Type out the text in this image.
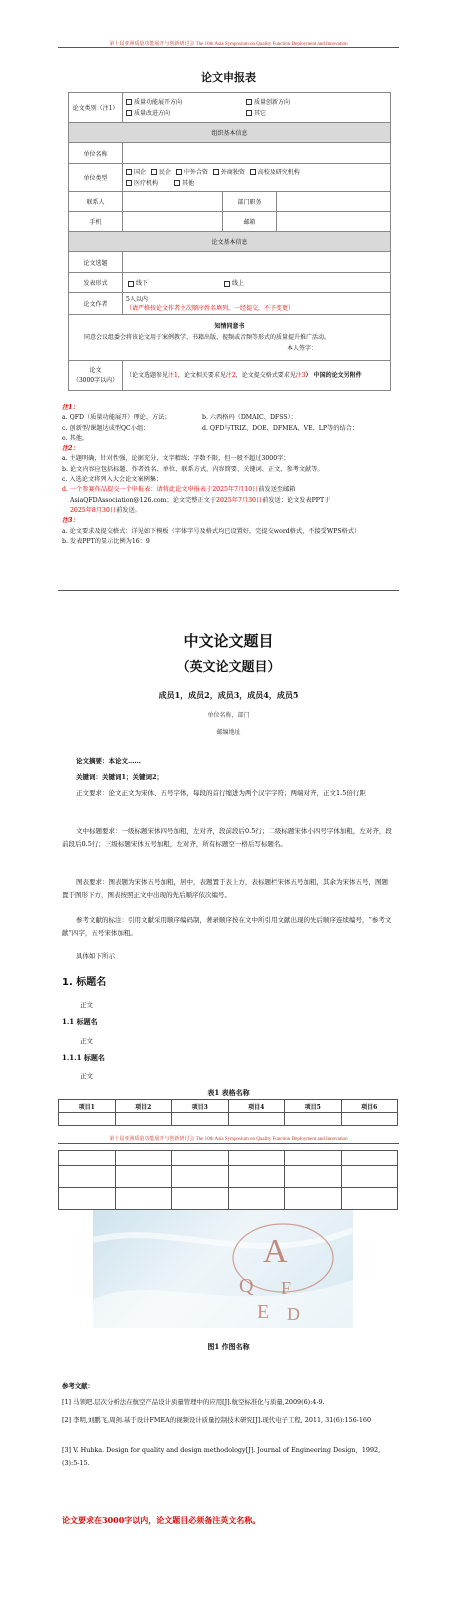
第十届亚洲质量功能展开与创新研讨会 The 10th Asia Symposium on Quality Function Deployment and Innovation
论文申报表
论文类别（注1）	质量功能展开方向 质量创新方向
质量改进方向 其它		

组织基本信息			
单位名称			
单位类型	国企 民企 中外合资 外商独资 高校及研究机构
医疗机构 其他		

联系人		部门职务	
手机		邮箱	
论文基本信息			
论文选题			
发表形式	线下 线上		
论文作者	5人以内
（请严格按论文作者主次顺序姓名填列，一经提交，不予变更）		

知情同意书
同意会议组委会将该论文用于案例教学、书籍出版、视频或音频等形式的质量提升推广活动。
本人签字：			

论文
（3000字以内）	（论文选题参见注1，论文相关要求见注2，论文提交格式要求见注3） 中国的论文另附件		
注1：
a. QFD（质量功能展开）理论、方法；	b. 六西格玛（DMAIC、DFSS）；
c. 创新型/课题达成型QC小组；	d. QFD与TRIZ、DOE、DFMEA、VE、LP等的结合；
e. 其他。
注2：
a. 主题明确，针对性强，论据充分，文字精练；字数不限，但一般不超过3000字；
b. 论文内容应包括标题、作者姓名、单位、联系方式、内容简要、关键词、正文、参考文献等。
c. 入选论文将列入大会论文案例集；
d. 一个参赛作品提交一个申报表：请将此论文申报表于2025年7月10日前发送至邮箱
AsiaQFDAssociation@126.com；论文完整正文于2025年7月30日前发送；论文发表PPT于
2025年8月30日前发送。
注3：
a. 论文要求及提交格式：详见如下模板（字体字号及格式均已设置好，完提交word格式，不接受WPS格式）
b. 发表PPT的显示比例为16：9
中文论文题目
（英文论文题目）
成员1，成员2，成员3，成员4，成员5
单位名称，部门
邮编地址
论文摘要：本论文……
关键词：关键词1；关键词2；
正文要求：论文正文为宋体、五号字体，每段的首行缩进为两个汉字字符；两端对齐，正文1.5倍行距
文中标题要求：一级标题宋体四号加粗，左对齐，段前段后0.5行；二级标题宋体小四号字体加粗，左对齐，段前段后0.5行；三级标题宋体五号加粗，左对齐，所有标题空一格后写标题名。
图表要求：图表题为宋体五号加粗，居中，表题置于表上方，表标题栏宋体五号加粗，其余为宋体五号，图题置于图形下方，图表按照正文中出现的先后顺序依次编号。
参考文献的标注：引用文献采用顺序编码制，著录顺序按在文中所引用文献出现的先后顺序连续编号，“参考文献”四字，五号宋体加粗。
具体如下所示
1. 标题名
正文
1.1 标题名
正文
1.1.1 标题名
正文
表1 表格名称
项目1	项目2	项目3	项目4	项目5	项目6

第十届亚洲质量功能展开与创新研讨会 The 10th Asia Symposium on Quality Function Deployment and Innovation

A
Q F
E D
图1 作图名称
参考文献：
[1] 马领吧.层次分析法在航空产品设计质量管理中的应用[J].航空标准化与质量,2009(6):4-9.
[2] 李明,刘鹏飞,周剑.基于设计FMEA的视频设计质量控制技术研究[J].现代电子工程, 2011, 31(6):156-160
[3] V. Hubka. Design for quality and design methodology[J]. Journal of Engineering Design，1992,(3):5-15.
论文要求在3000字以内，论文题目必须备注英文名称。
